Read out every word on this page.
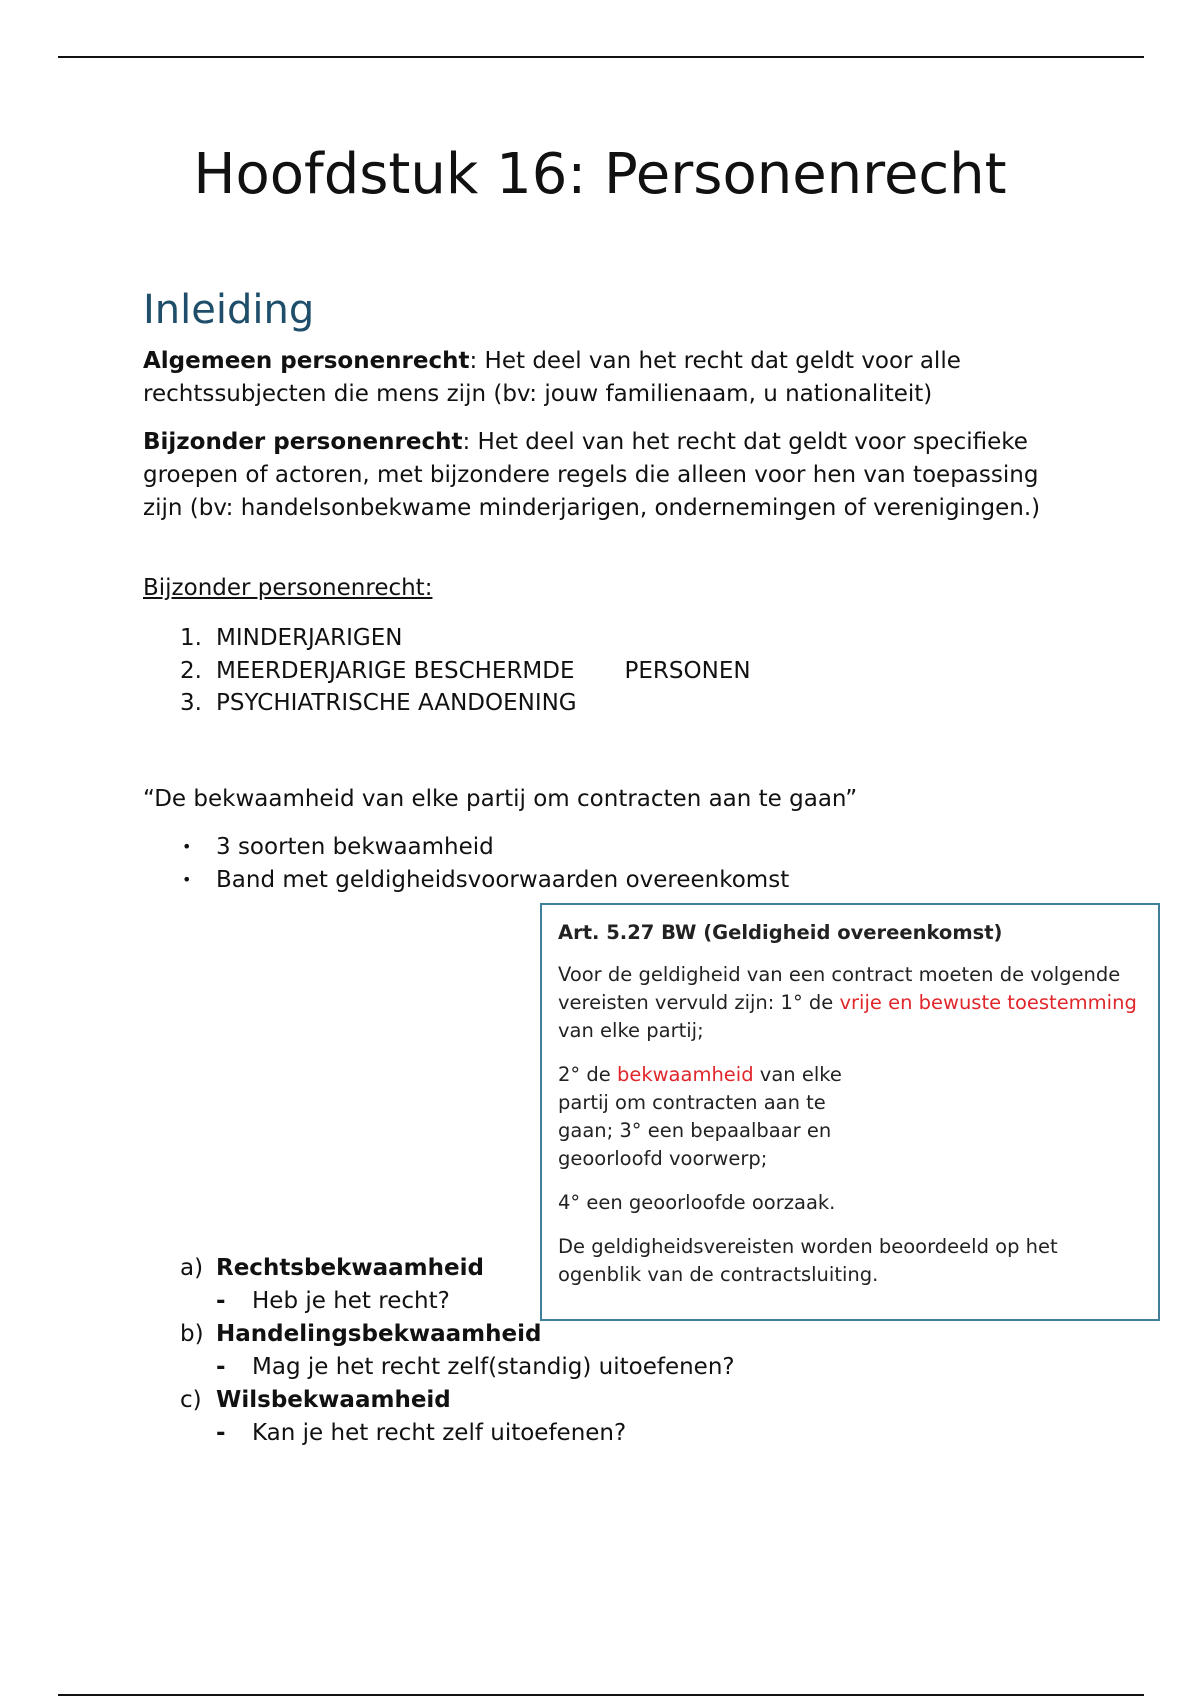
Hoofdstuk 16: Personenrecht
Inleiding

Algemeen personenrecht: Het deel van het recht dat geldt voor alle rechtssubjecten die mens zijn (bv: jouw familienaam, u nationaliteit)

Bijzonder personenrecht: Het deel van het recht dat geldt voor specifieke groepen of actoren, met bijzondere regels die alleen voor hen van toepassing zijn (bv: handelsonbekwame minderjarigen, ondernemingen of verenigingen.)

Bijzonder personenrecht:

1. MINDERJARIGEN
2. MEERDERJARIGE BESCHERMDE PERSONEN
3. PSYCHIATRISCHE AANDOENING

“De bekwaamheid van elke partij om contracten aan te gaan”

• 3 soorten bekwaamheid
• Band met geldigheidsvoorwaarden overeenkomst

Art. 5.27 BW (Geldigheid overeenkomst)

Voor de geldigheid van een contract moeten de volgende vereisten vervuld zijn: 1° de vrije en bewuste toestemming van elke partij;

2° de bekwaamheid van elke partij om contracten aan te gaan; 3° een bepaalbaar en geoorloofd voorwerp;

4° een geoorloofde oorzaak.

De geldigheidsvereisten worden beoordeeld op het ogenblik van de contractsluiting.

a) Rechtsbekwaamheid
- Heb je het recht?
b) Handelingsbekwaamheid
- Mag je het recht zelf(standig) uitoefenen?
c) Wilsbekwaamheid
- Kan je het recht zelf uitoefenen?
